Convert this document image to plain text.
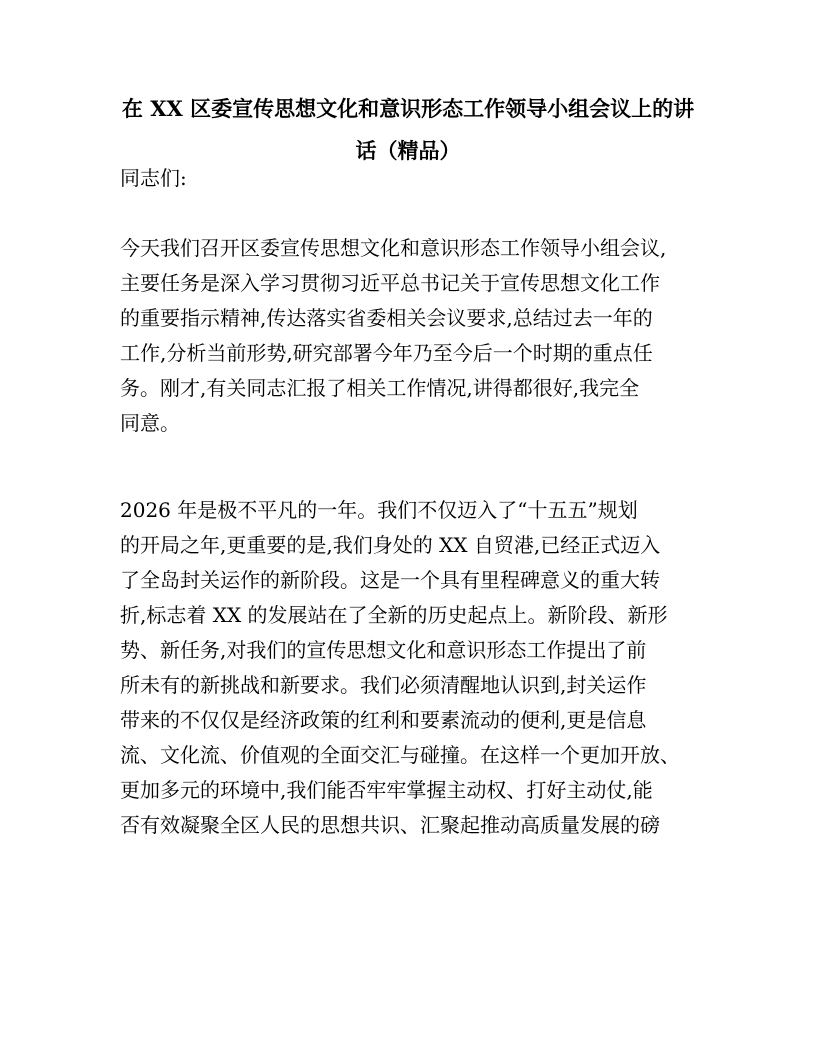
在 XX 区委宣传思想文化和意识形态工作领导小组会议上的讲
话（精品）

同志们:

今天我们召开区委宣传思想文化和意识形态工作领导小组会议,
主要任务是深入学习贯彻习近平总书记关于宣传思想文化工作
的重要指示精神,传达落实省委相关会议要求,总结过去一年的
工作,分析当前形势,研究部署今年乃至今后一个时期的重点任
务。刚才,有关同志汇报了相关工作情况,讲得都很好,我完全
同意。
2026 年是极不平凡的一年。我们不仅迈入了“十五五”规划
的开局之年,更重要的是,我们身处的 XX 自贸港,已经正式迈入
了全岛封关运作的新阶段。这是一个具有里程碑意义的重大转
折,标志着 XX 的发展站在了全新的历史起点上。新阶段、新形
势、新任务,对我们的宣传思想文化和意识形态工作提出了前
所未有的新挑战和新要求。我们必须清醒地认识到,封关运作
带来的不仅仅是经济政策的红利和要素流动的便利,更是信息
流、文化流、价值观的全面交汇与碰撞。在这样一个更加开放、
更加多元的环境中,我们能否牢牢掌握主动权、打好主动仗,能
否有效凝聚全区人民的思想共识、汇聚起推动高质量发展的磅
